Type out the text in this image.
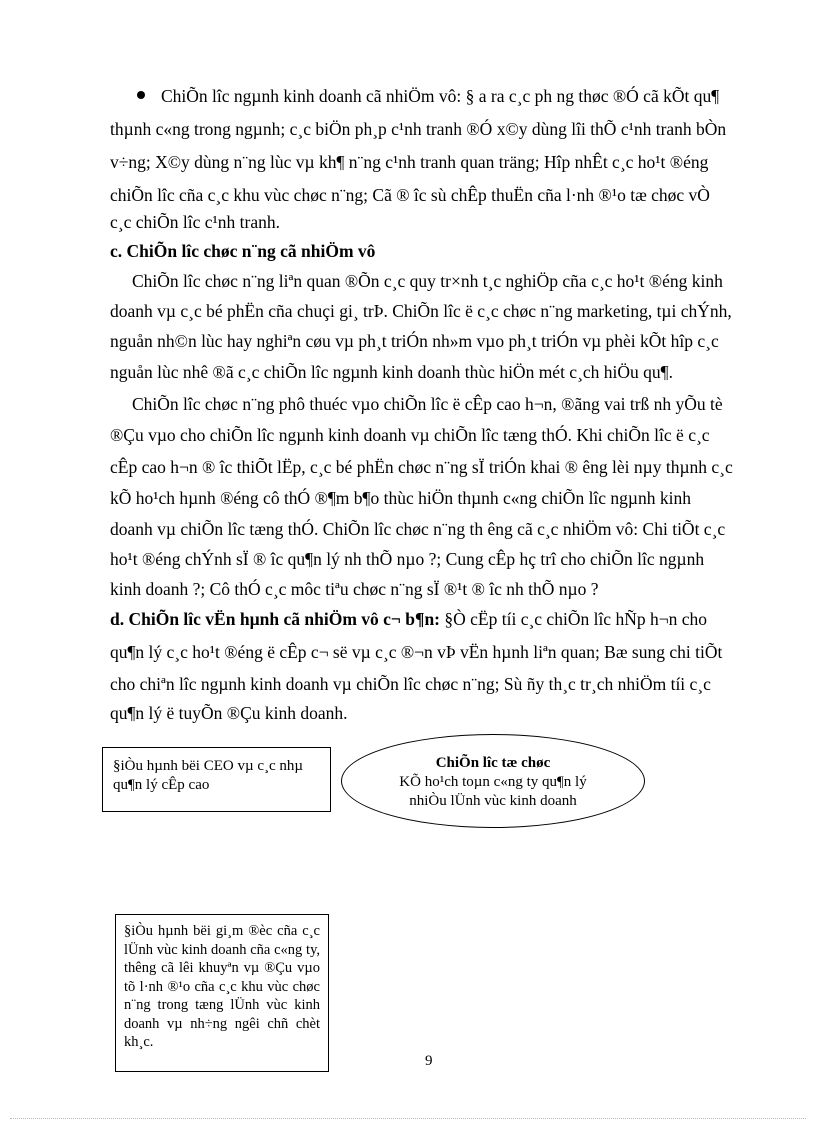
ChiÕn lîc ngµnh kinh doanh cã nhiÖm vô: § a ra c¸c ph ng thøc ®Ó cã kÕt qu¶
thµnh c«ng trong ngµnh; c¸c biÖn ph¸p c¹nh tranh ®Ó x©y dùng lîi thÕ c¹nh tranh bÒn
v÷ng; X©y dùng n¨ng lùc vµ kh¶ n¨ng c¹nh tranh quan träng; Hîp nhÊt c¸c ho¹t ®éng
chiÕn lîc cña c¸c khu vùc chøc n¨ng; Cã ® îc sù chÊp thuËn cña l·nh ®¹o tæ chøc vÒ
c¸c chiÕn lîc c¹nh tranh.
c. ChiÕn lîc chøc n¨ng cã nhiÖm vô
ChiÕn lîc chøc n¨ng liªn quan ®Õn c¸c quy tr×nh t¸c nghiÖp cña c¸c ho¹t ®éng kinh
doanh vµ c¸c bé phËn cña chuçi gi¸ trÞ. ChiÕn lîc ë c¸c chøc n¨ng marketing, tµi chÝnh,
nguån nh©n lùc hay nghiªn cøu vµ ph¸t triÓn nh»m vµo ph¸t triÓn vµ phèi kÕt hîp c¸c
nguån lùc nhê ®ã c¸c chiÕn lîc ngµnh kinh doanh thùc hiÖn mét c¸ch hiÖu qu¶.
ChiÕn lîc chøc n¨ng phô thuéc vµo chiÕn lîc ë cÊp cao h¬n, ®ãng vai trß nh yÕu tè
®Çu vµo cho chiÕn lîc ngµnh kinh doanh vµ chiÕn lîc tæng thÓ. Khi chiÕn lîc ë c¸c
cÊp cao h¬n ® îc thiÕt lËp, c¸c bé phËn chøc n¨ng sÏ triÓn khai ® êng lèi nµy thµnh c¸c
kÕ ho¹ch hµnh ®éng cô thÓ ®¶m b¶o thùc hiÖn thµnh c«ng chiÕn lîc ngµnh kinh
doanh vµ chiÕn lîc tæng thÓ. ChiÕn lîc chøc n¨ng th êng cã c¸c nhiÖm vô: Chi tiÕt c¸c
ho¹t ®éng chÝnh sÏ ® îc qu¶n lý nh thÕ nµo ?; Cung cÊp hç trî cho chiÕn lîc ngµnh
kinh doanh ?; Cô thÓ c¸c môc tiªu chøc n¨ng sÏ ®¹t ® îc nh thÕ nµo ?
d. ChiÕn lîc vËn hµnh cã nhiÖm vô c¬ b¶n: §Ò cËp tíi c¸c chiÕn lîc hÑp h¬n cho
qu¶n lý c¸c ho¹t ®éng ë cÊp c¬ së vµ c¸c ®¬n vÞ vËn hµnh liªn quan; Bæ sung chi tiÕt
cho chiªn lîc ngµnh kinh doanh vµ chiÕn lîc chøc n¨ng; Sù ñy th¸c tr¸ch nhiÖm tíi c¸c
qu¶n lý ë tuyÕn ®Çu kinh doanh.
§iÒu hµnh bëi CEO vµ c¸c nhµ qu¶n lý cÊp cao
ChiÕn lîc tæ chøc
KÕ ho¹ch toµn c«ng ty qu¶n lý
nhiÒu lÜnh vùc kinh doanh
§iÒu hµnh bëi gi¸m ®èc cña c¸c lÜnh vùc kinh doanh cña c«ng ty, thêng cã lêi khuyªn vµ ®Çu vµo tõ l·nh ®¹o cña c¸c khu vùc chøc n¨ng trong tæng lÜnh vùc kinh doanh vµ nh÷ng ngêi chñ chèt kh¸c.
9
